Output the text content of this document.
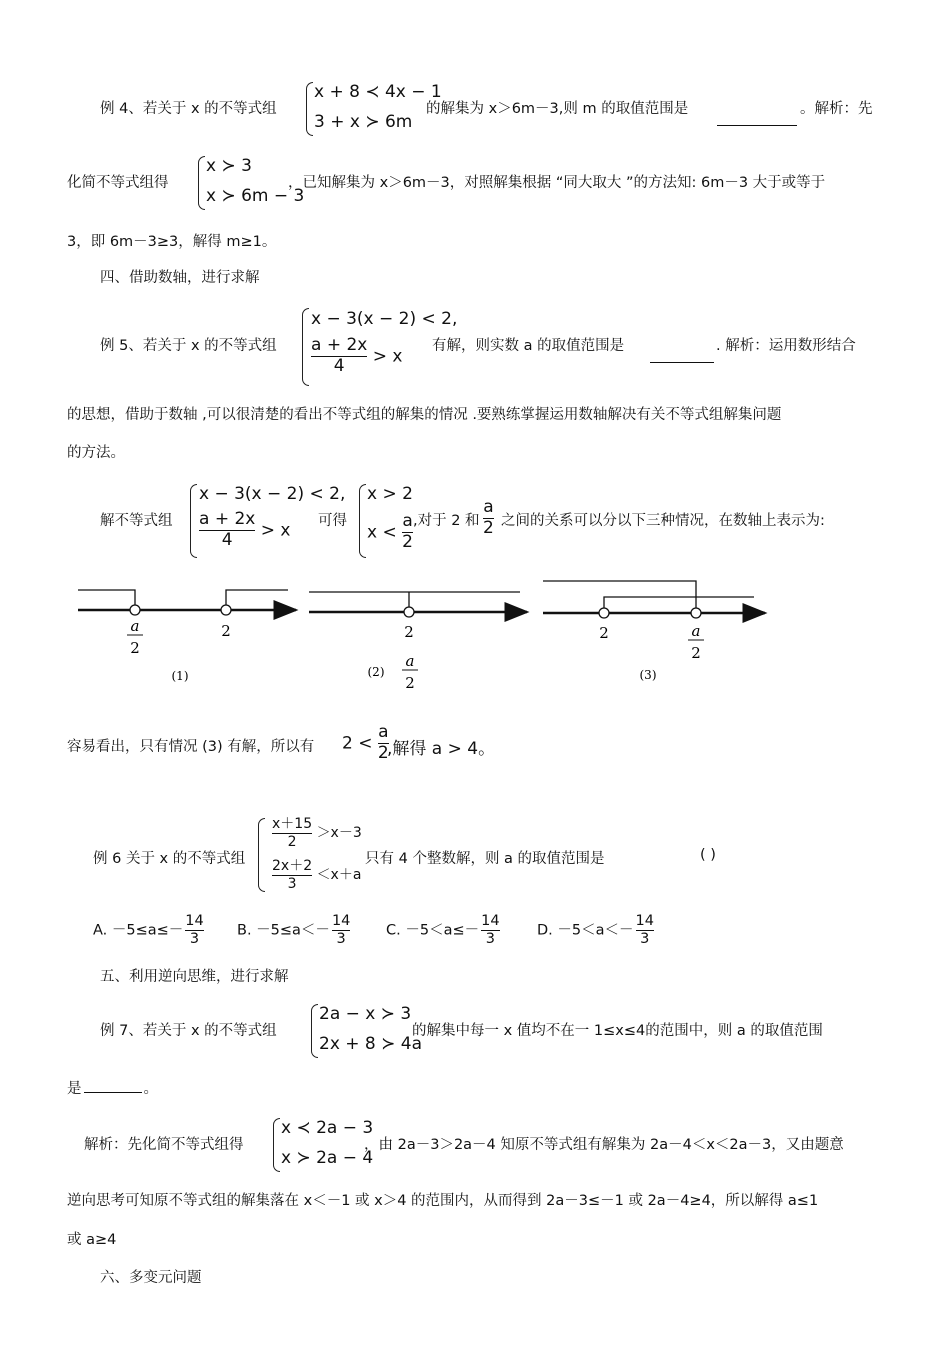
例 4、若关于 x 的不等式组
x + 8 ≺ 4x − 1
3 + x ≻ 6m
的解集为 x＞6m－3,则 m 的取值范围是	。解析：先
化简不等式组得
x ≻ 3
x ≻ 6m − 3
，已知解集为 x＞6m－3，对照解集根据 “同大取大 ”的方法知: 6m－3 大于或等于
3，即 6m－3≥3，解得 m≥1。
四、借助数轴，进行求解
例 5、若关于 x 的不等式组
x − 3(x − 2) < 2,
$\frac{a + 2x}{4} > x$
有解，则实数 a 的取值范围是	. 解析：运用数形结合
的思想，借助于数轴 ,可以很清楚的看出不等式组的解集的情况 .要熟练掌握运用数轴解决有关不等式组解集问题
的方法。
解不等式组
x − 3(x − 2) < 2,
$\frac{a + 2x}{4} > x$ 可得
x > 2
$x < \frac{a}{2}$ ,对于 2 和 $\frac{a}{2}$ 之间的关系可以分以下三种情况，在数轴上表示为:
a
2
2
(1)
2
a
2
(2)
2	a
2
(3)
容易看出，只有情况 (3) 有解，所以有 $2 < \frac{a}{2}$
,解得 a > 4。
例 6 关于 x 的不等式组
$\frac{x+15}{2} >x-3$
$\frac{2x+2}{3} <x+a$
只有 4 个整数解，则 a 的取值范围是	( )
A. $-5\le a\le- \frac{14}{3} B$. $-5\le a<- \frac{14}{3} C$. $-5<a\le- \frac{14}{3}$	D. $-5<a<- \frac{14}{3}$
五、利用逆向思维，进行求解
例 7、若关于 x 的不等式组
2a − x ≻ 3
2x + 8 ≻ 4a
的解集中每一 x 值均不在一 1≤x≤4的范围中，则 a 的取值范围
是	。
解析：先化简不等式组得
x ≺ 2a − 3
x ≻ 2a − 4
，由 2a－3＞2a－4 知原不等式组有解集为 2a－4＜x＜2a－3，又由题意
逆向思考可知原不等式组的解集落在 x＜－1 或 x＞4 的范围内，从而得到 2a－3≤－1 或 2a－4≥4，所以解得 a≤1
或 a≥4
六、多变元问题
